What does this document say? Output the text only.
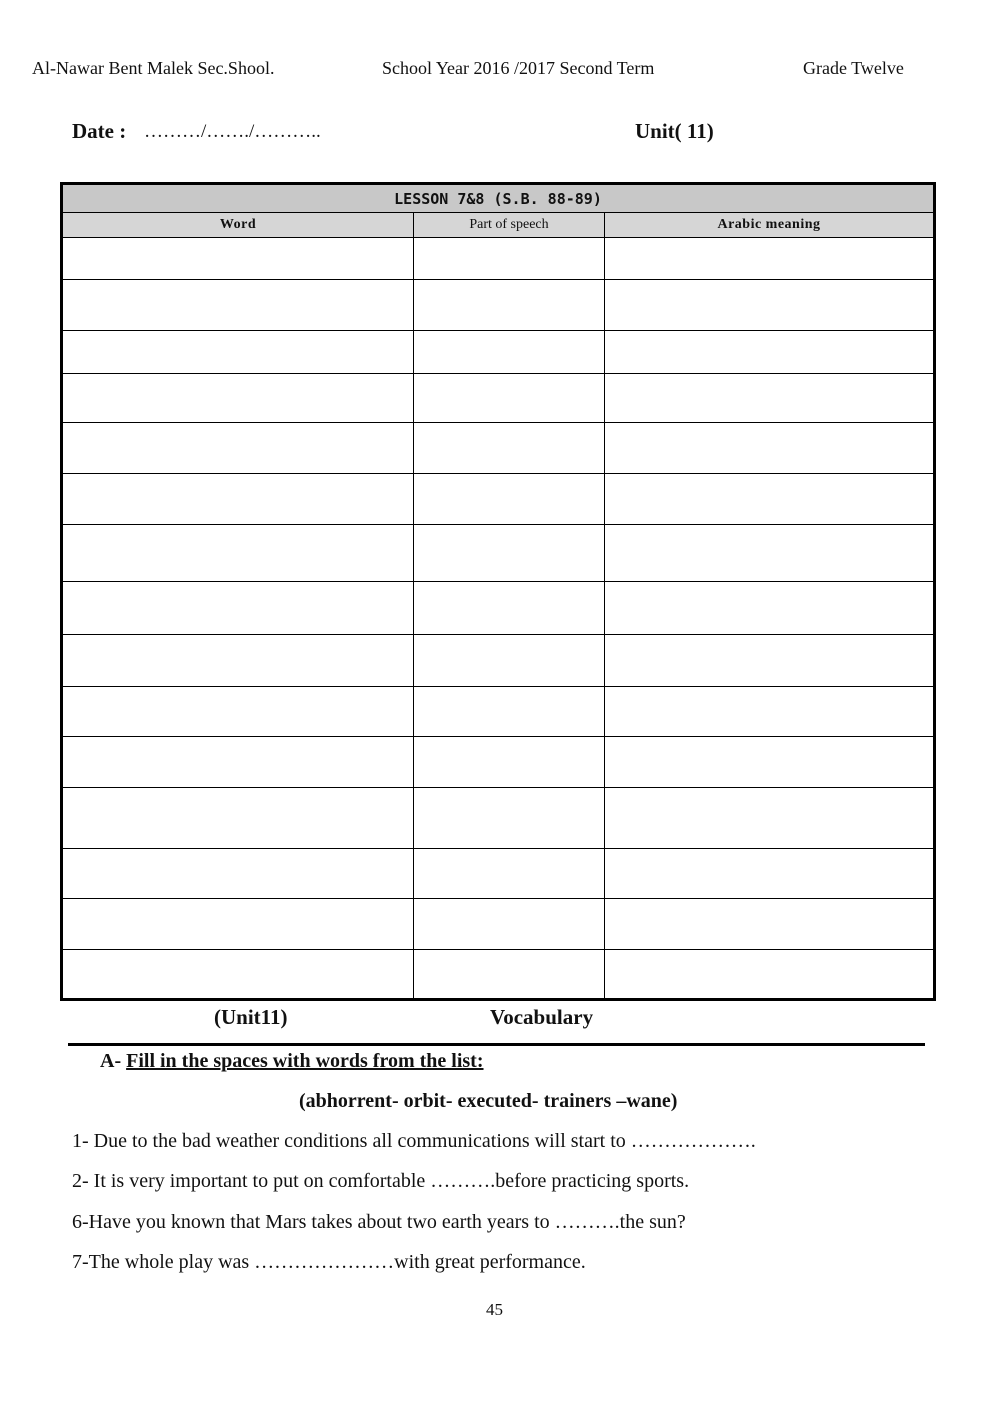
Al-Nawar Bent Malek Sec.Shool.	School Year 2016 /2017 Second Term	Grade Twelve
Date : ………/……./………..	Unit( 11)
LESSON 7&8 (S.B. 88-89)		
Word	Part of speech	Arabic meaning

(Unit11)	Vocabulary
A- Fill in the spaces with words from the list:
(abhorrent- orbit- executed- trainers –wane)
1- Due to the bad weather conditions all communications will start to ……………….
2- It is very important to put on comfortable ……….before practicing sports.
6-Have you known that Mars takes about two earth years to ……….the sun?
7-The whole play was …………………with great performance.
45
